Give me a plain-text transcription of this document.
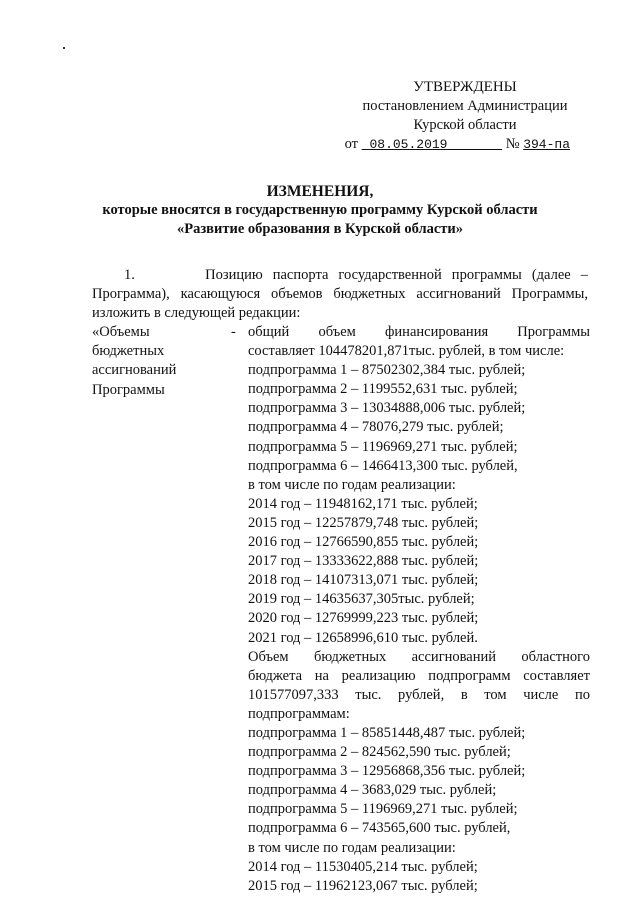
УТВЕРЖДЕНЫ
постановлением Администрации
Курской области
от 08.05.2019_______ № 394-па
ИЗМЕНЕНИЯ,
которые вносятся в государственную программу Курской области
«Развитие образования в Курской области»
1.	Позицию паспорта государственной программы (далее –
Программа), касающуюся объемов бюджетных ассигнований Программы,
изложить в следующей редакции:
«Объемы
бюджетных
ассигнований
Программы
- общий объем финансирования Программы
составляет 104478201,871тыс. рублей, в том числе:
подпрограмма 1 – 87502302,384 тыс. рублей;
подпрограмма 2 – 1199552,631 тыс. рублей;
подпрограмма 3 – 13034888,006 тыс. рублей;
подпрограмма 4 – 78076,279 тыс. рублей;
подпрограмма 5 – 1196969,271 тыс. рублей;
подпрограмма 6 – 1466413,300 тыс. рублей,
в том числе по годам реализации:
2014 год – 11948162,171 тыс. рублей;
2015 год – 12257879,748 тыс. рублей;
2016 год – 12766590,855 тыс. рублей;
2017 год – 13333622,888 тыс. рублей;
2018 год – 14107313,071 тыс. рублей;
2019 год – 14635637,305тыс. рублей;
2020 год – 12769999,223 тыс. рублей;
2021 год – 12658996,610 тыс. рублей.
Объем бюджетных ассигнований областного
бюджета на реализацию подпрограмм составляет
101577097,333 тыс. рублей, в том числе по
подпрограммам:
подпрограмма 1 – 85851448,487 тыс. рублей;
подпрограмма 2 – 824562,590 тыс. рублей;
подпрограмма 3 – 12956868,356 тыс. рублей;
подпрограмма 4 – 3683,029 тыс. рублей;
подпрограмма 5 – 1196969,271 тыс. рублей;
подпрограмма 6 – 743565,600 тыс. рублей,
в том числе по годам реализации:
2014 год – 11530405,214 тыс. рублей;
2015 год – 11962123,067 тыс. рублей;
